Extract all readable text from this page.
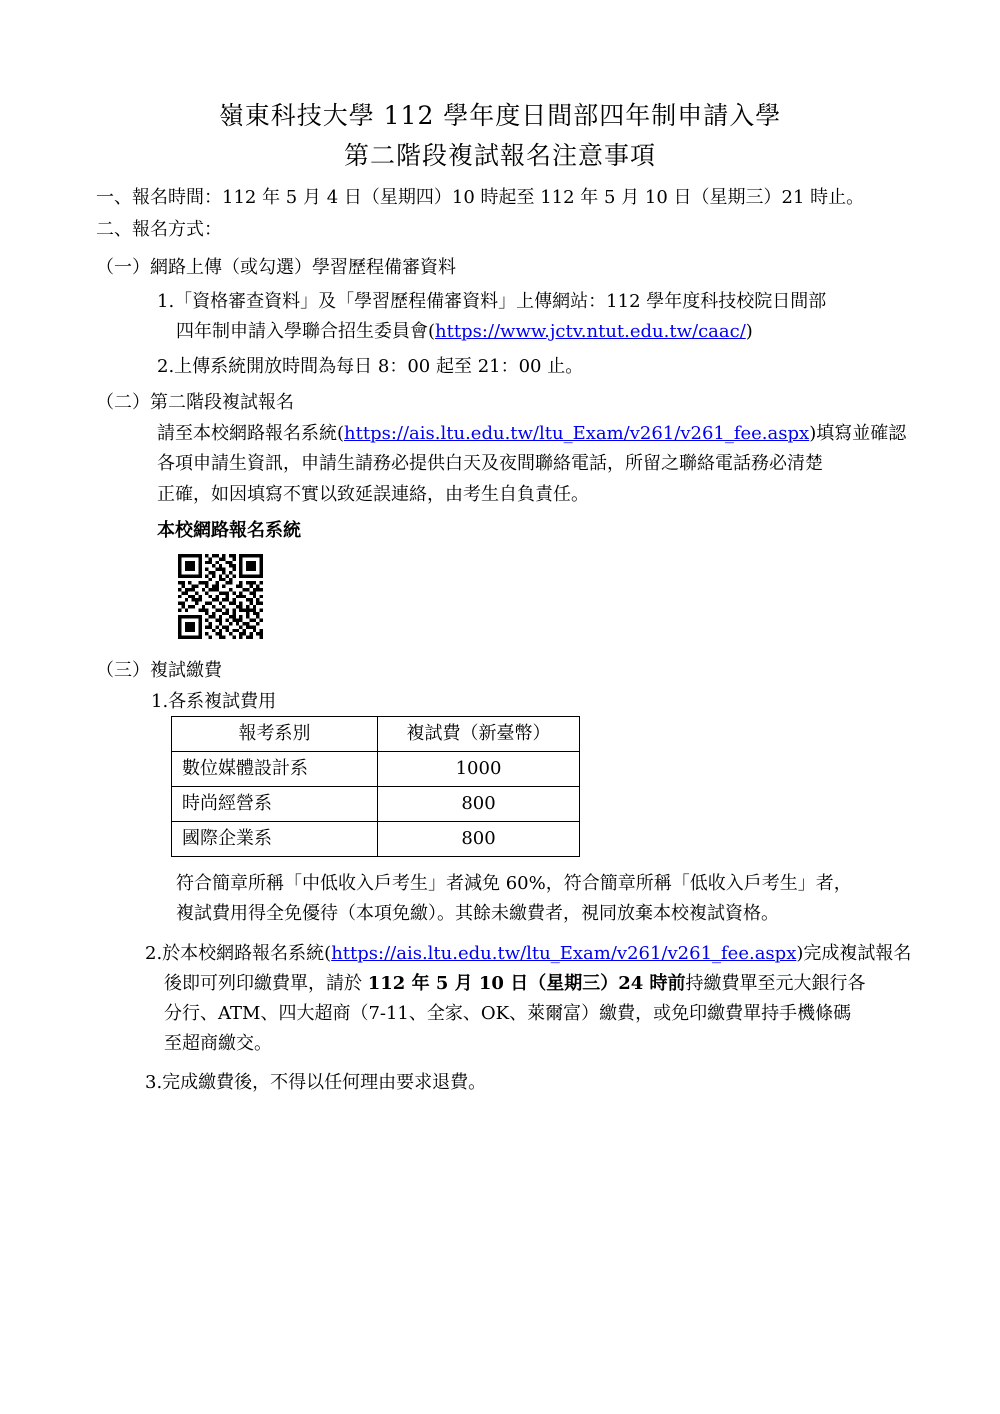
嶺東科技大學 112 學年度日間部四年制申請入學
第二階段複試報名注意事項
一、報名時間：112 年 5 月 4 日（星期四）10 時起至 112 年 5 月 10 日（星期三）21 時止。
二、報名方式：
（一）網路上傳（或勾選）學習歷程備審資料
1.「資格審查資料」及「學習歷程備審資料」上傳網站：112 學年度科技校院日間部
四年制申請入學聯合招生委員會(https://www.jctv.ntut.edu.tw/caac/)
2.上傳系統開放時間為每日 8：00 起至 21：00 止。
（二）第二階段複試報名
請至本校網路報名系統(https://ais.ltu.edu.tw/ltu_Exam/v261/v261_fee.aspx)填寫並確認
各項申請生資訊，申請生請務必提供白天及夜間聯絡電話，所留之聯絡電話務必清楚
正確，如因填寫不實以致延誤連絡，由考生自負責任。
本校網路報名系統
（三）複試繳費
1.各系複試費用
報考系別	複試費（新臺幣）
數位媒體設計系	1000
時尚經營系	800
國際企業系	800
符合簡章所稱「中低收入戶考生」者減免 60%，符合簡章所稱「低收入戶考生」者，
複試費用得全免優待（本項免繳）。其餘未繳費者，視同放棄本校複試資格。
2.於本校網路報名系統(https://ais.ltu.edu.tw/ltu_Exam/v261/v261_fee.aspx)完成複試報名
後即可列印繳費單，請於 112 年 5 月 10 日（星期三）24 時前持繳費單至元大銀行各
分行、ATM、四大超商（7-11、全家、OK、萊爾富）繳費，或免印繳費單持手機條碼
至超商繳交。
3.完成繳費後，不得以任何理由要求退費。
